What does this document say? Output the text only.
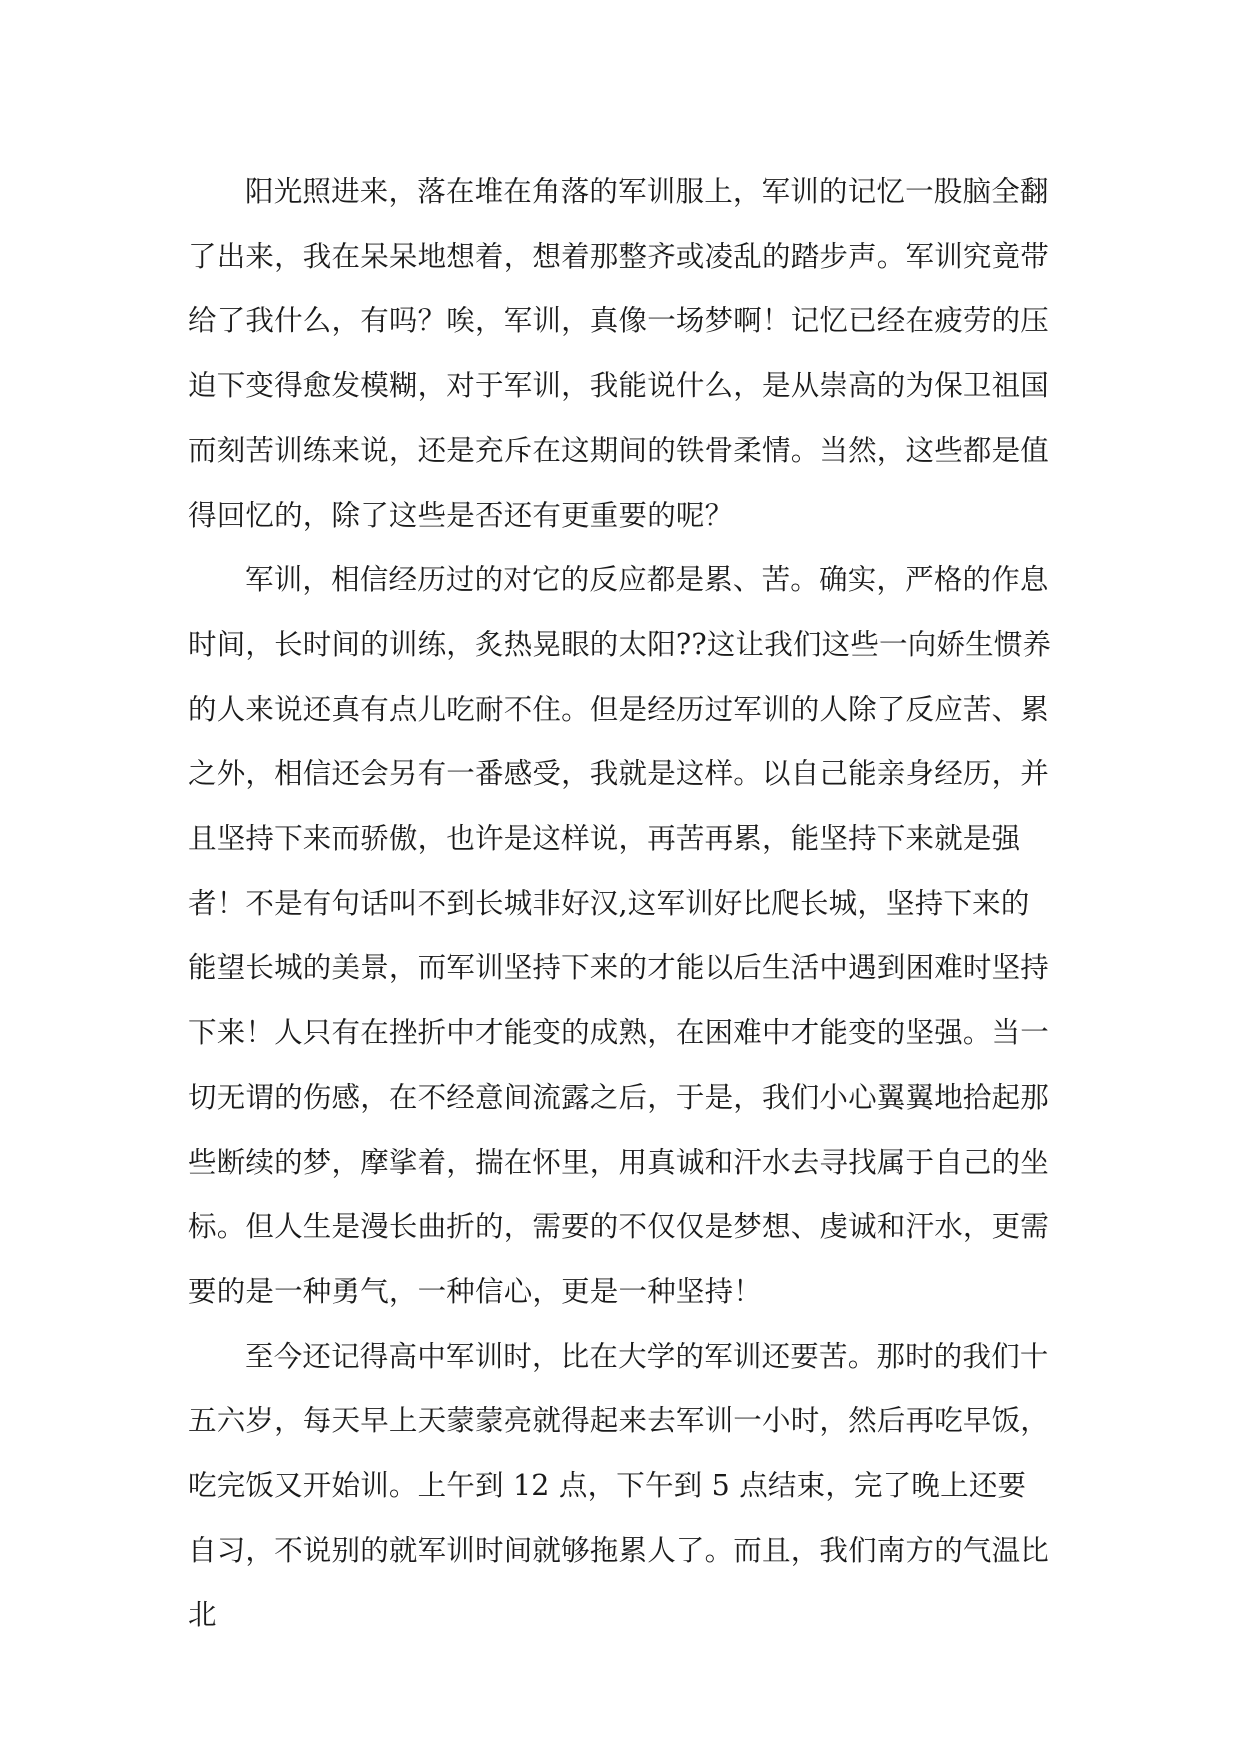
阳光照进来，落在堆在角落的军训服上，军训的记忆一股脑全翻了出来，我在呆呆地想着，想着那整齐或凌乱的踏步声。军训究竟带给了我什么，有吗？唉，军训，真像一场梦啊！记忆已经在疲劳的压迫下变得愈发模糊，对于军训，我能说什么，是从崇高的为保卫祖国而刻苦训练来说，还是充斥在这期间的铁骨柔情。当然，这些都是值得回忆的，除了这些是否还有更重要的呢？

军训，相信经历过的对它的反应都是累、苦。确实，严格的作息时间，长时间的训练，炙热晃眼的太阳??这让我们这些一向娇生惯养的人来说还真有点儿吃耐不住。但是经历过军训的人除了反应苦、累之外，相信还会另有一番感受，我就是这样。以自己能亲身经历，并且坚持下来而骄傲，也许是这样说，再苦再累，能坚持下来就是强者！不是有句话叫不到长城非好汉,这军训好比爬长城，坚持下来的能望长城的美景，而军训坚持下来的才能以后生活中遇到困难时坚持下来！人只有在挫折中才能变的成熟，在困难中才能变的坚强。当一切无谓的伤感，在不经意间流露之后，于是，我们小心翼翼地拾起那些断续的梦，摩挲着，揣在怀里，用真诚和汗水去寻找属于自己的坐标。但人生是漫长曲折的，需要的不仅仅是梦想、虔诚和汗水，更需要的是一种勇气，一种信心，更是一种坚持！

至今还记得高中军训时，比在大学的军训还要苦。那时的我们十五六岁，每天早上天蒙蒙亮就得起来去军训一小时，然后再吃早饭，吃完饭又开始训。上午到 12 点，下午到 5 点结束，完了晚上还要自习，不说别的就军训时间就够拖累人了。而且，我们南方的气温比北
